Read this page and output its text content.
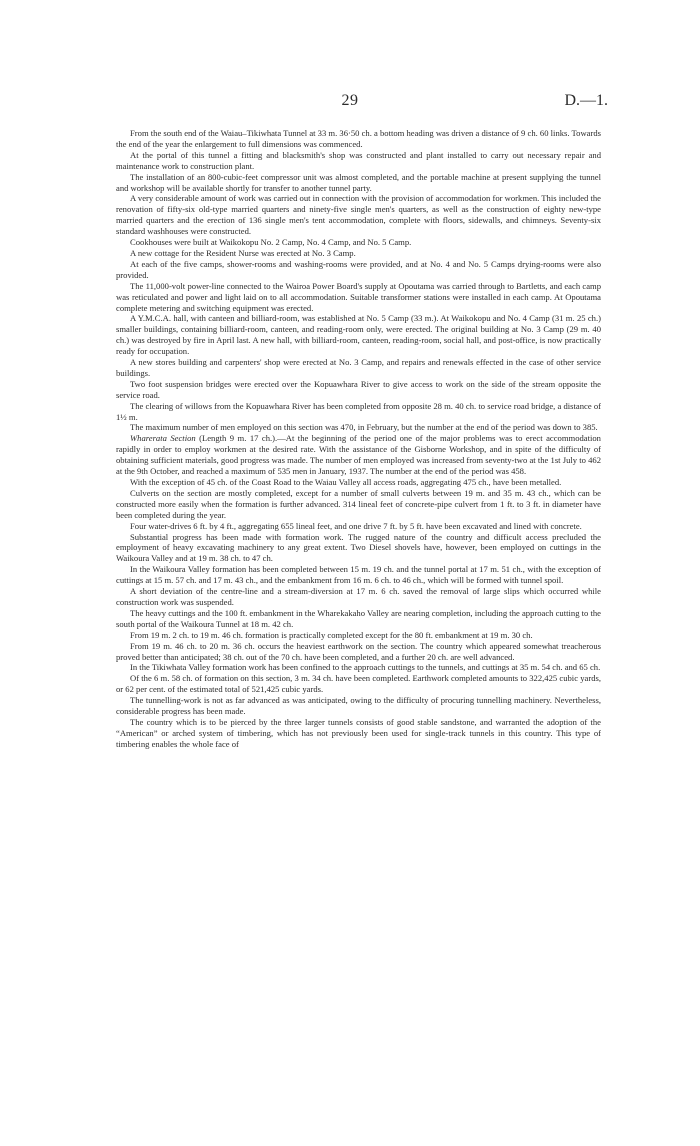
29	D.—1.

From the south end of the Waiau–Tikiwhata Tunnel at 33 m. 36·50 ch. a bottom heading was driven a distance of 9 ch. 60 links. Towards the end of the year the enlargement to full dimensions was commenced.

At the portal of this tunnel a fitting and blacksmith's shop was constructed and plant installed to carry out necessary repair and maintenance work to construction plant.

The installation of an 800-cubic-feet compressor unit was almost completed, and the portable machine at present supplying the tunnel and workshop will be available shortly for transfer to another tunnel party.

A very considerable amount of work was carried out in connection with the provision of accommodation for workmen. This included the renovation of fifty-six old-type married quarters and ninety-five single men's quarters, as well as the construction of eighty new-type married quarters and the erection of 136 single men's tent accommodation, complete with floors, sidewalls, and chimneys. Seventy-six standard washhouses were constructed.

Cookhouses were built at Waikokopu No. 2 Camp, No. 4 Camp, and No. 5 Camp.

A new cottage for the Resident Nurse was erected at No. 3 Camp.

At each of the five camps, shower-rooms and washing-rooms were provided, and at No. 4 and No. 5 Camps drying-rooms were also provided.

The 11,000-volt power-line connected to the Wairoa Power Board's supply at Opoutama was carried through to Bartletts, and each camp was reticulated and power and light laid on to all accommodation. Suitable transformer stations were installed in each camp. At Opoutama complete metering and switching equipment was erected.

A Y.M.C.A. hall, with canteen and billiard-room, was established at No. 5 Camp (33 m.). At Waikokopu and No. 4 Camp (31 m. 25 ch.) smaller buildings, containing billiard-room, canteen, and reading-room only, were erected. The original building at No. 3 Camp (29 m. 40 ch.) was destroyed by fire in April last. A new hall, with billiard-room, canteen, reading-room, social hall, and post-office, is now practically ready for occupation.

A new stores building and carpenters' shop were erected at No. 3 Camp, and repairs and renewals effected in the case of other service buildings.

Two foot suspension bridges were erected over the Kopuawhara River to give access to work on the side of the stream opposite the service road.

The clearing of willows from the Kopuawhara River has been completed from opposite 28 m. 40 ch. to service road bridge, a distance of 1½ m.

The maximum number of men employed on this section was 470, in February, but the number at the end of the period was down to 385.

Wharerata Section (Length 9 m. 17 ch.).—At the beginning of the period one of the major problems was to erect accommodation rapidly in order to employ workmen at the desired rate. With the assistance of the Gisborne Workshop, and in spite of the difficulty of obtaining sufficient materials, good progress was made. The number of men employed was increased from seventy-two at the 1st July to 462 at the 9th October, and reached a maximum of 535 men in January, 1937. The number at the end of the period was 458.

With the exception of 45 ch. of the Coast Road to the Waiau Valley all access roads, aggregating 475 ch., have been metalled.

Culverts on the section are mostly completed, except for a number of small culverts between 19 m. and 35 m. 43 ch., which can be constructed more easily when the formation is further advanced. 314 lineal feet of concrete-pipe culvert from 1 ft. to 3 ft. in diameter have been completed during the year.

Four water-drives 6 ft. by 4 ft., aggregating 655 lineal feet, and one drive 7 ft. by 5 ft. have been excavated and lined with concrete.

Substantial progress has been made with formation work. The rugged nature of the country and difficult access precluded the employment of heavy excavating machinery to any great extent. Two Diesel shovels have, however, been employed on cuttings in the Waikoura Valley and at 19 m. 38 ch. to 47 ch.

In the Waikoura Valley formation has been completed between 15 m. 19 ch. and the tunnel portal at 17 m. 51 ch., with the exception of cuttings at 15 m. 57 ch. and 17 m. 43 ch., and the embankment from 16 m. 6 ch. to 46 ch., which will be formed with tunnel spoil.

A short deviation of the centre-line and a stream-diversion at 17 m. 6 ch. saved the removal of large slips which occurred while construction work was suspended.

The heavy cuttings and the 100 ft. embankment in the Wharekakaho Valley are nearing completion, including the approach cutting to the south portal of the Waikoura Tunnel at 18 m. 42 ch.

From 19 m. 2 ch. to 19 m. 46 ch. formation is practically completed except for the 80 ft. embankment at 19 m. 30 ch.

From 19 m. 46 ch. to 20 m. 36 ch. occurs the heaviest earthwork on the section. The country which appeared somewhat treacherous proved better than anticipated; 38 ch. out of the 70 ch. have been completed, and a further 20 ch. are well advanced.

In the Tikiwhata Valley formation work has been confined to the approach cuttings to the tunnels, and cuttings at 35 m. 54 ch. and 65 ch.

Of the 6 m. 58 ch. of formation on this section, 3 m. 34 ch. have been completed. Earthwork completed amounts to 322,425 cubic yards, or 62 per cent. of the estimated total of 521,425 cubic yards.

The tunnelling-work is not as far advanced as was anticipated, owing to the difficulty of procuring tunnelling machinery. Nevertheless, considerable progress has been made.

The country which is to be pierced by the three larger tunnels consists of good stable sandstone, and warranted the adoption of the “American” or arched system of timbering, which has not previously been used for single-track tunnels in this country. This type of timbering enables the whole face of
